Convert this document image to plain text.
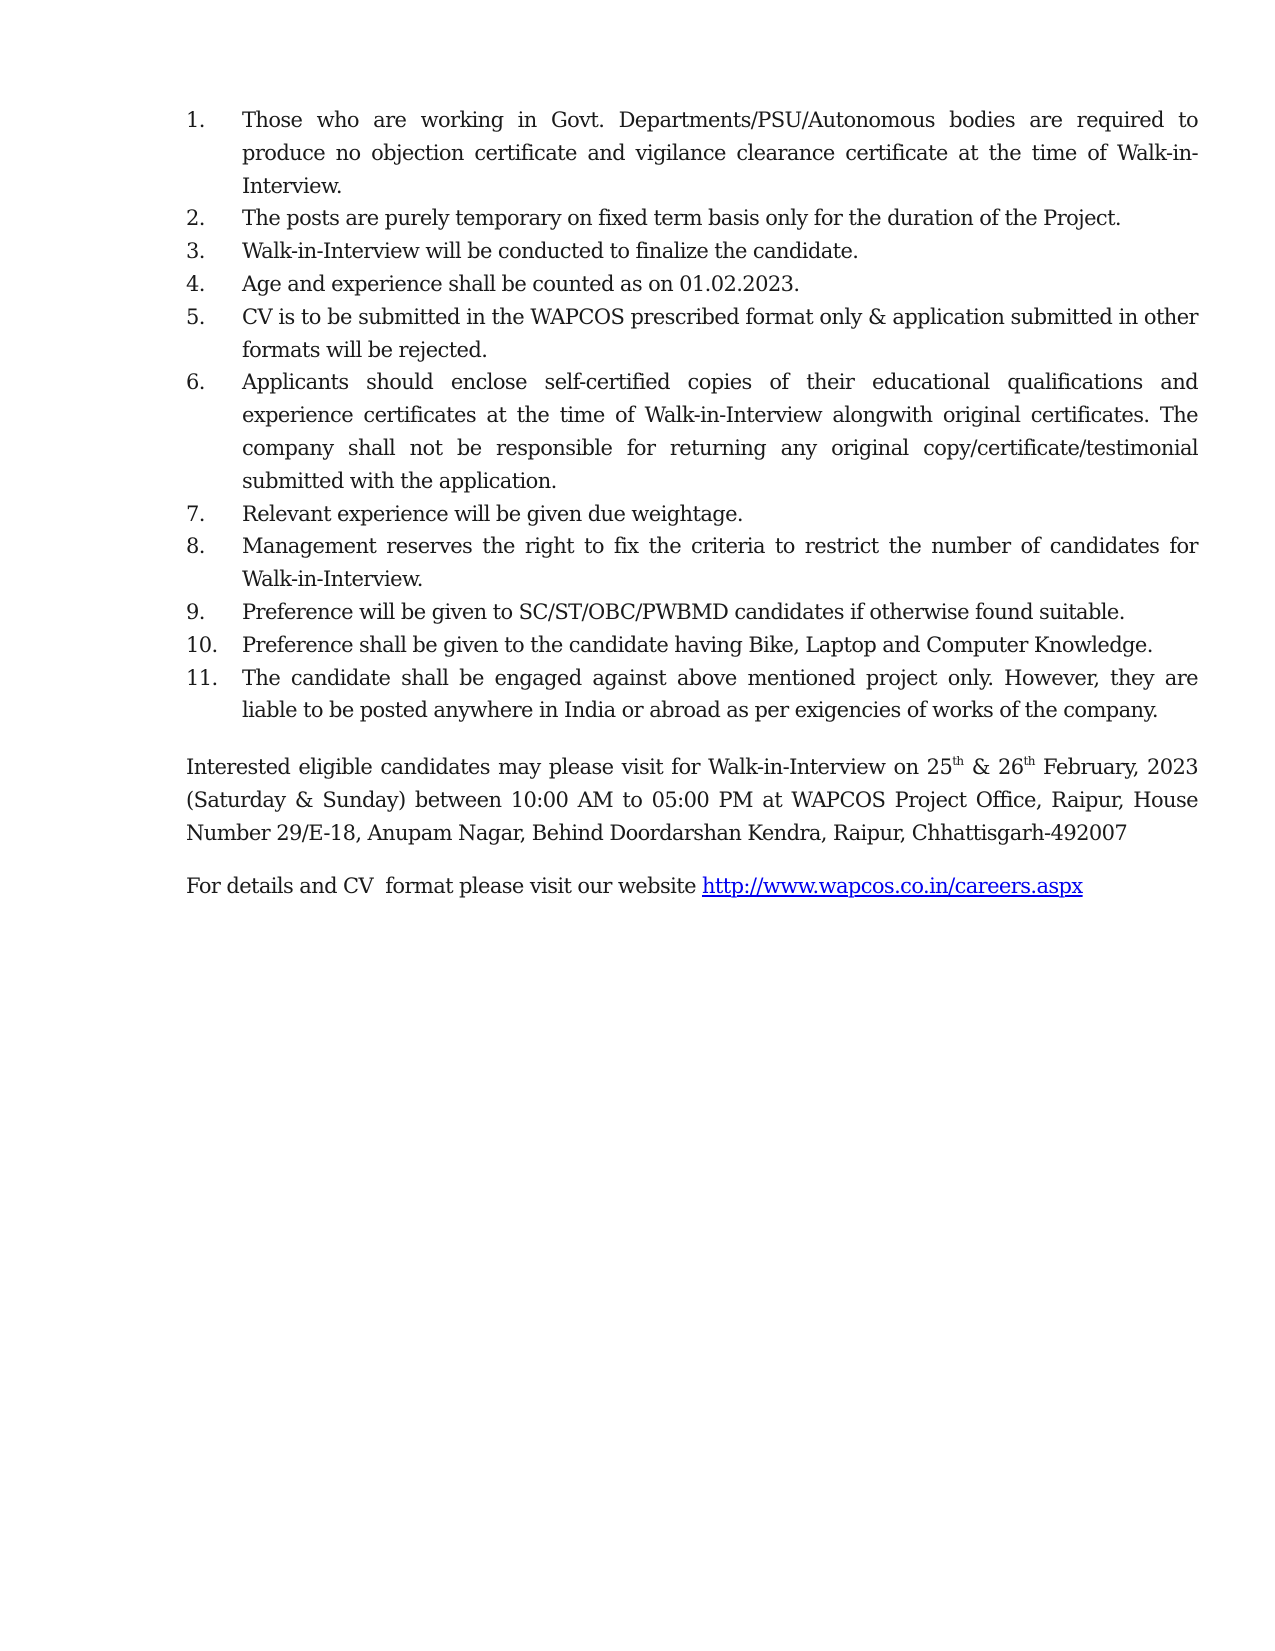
1. Those who are working in Govt. Departments/PSU/Autonomous bodies are required to produce no objection certificate and vigilance clearance certificate at the time of Walk-in-Interview.
2. The posts are purely temporary on fixed term basis only for the duration of the Project.
3. Walk-in-Interview will be conducted to finalize the candidate.
4. Age and experience shall be counted as on 01.02.2023.
5. CV is to be submitted in the WAPCOS prescribed format only & application submitted in other formats will be rejected.
6. Applicants should enclose self-certified copies of their educational qualifications and experience certificates at the time of Walk-in-Interview alongwith original certificates. The company shall not be responsible for returning any original copy/certificate/testimonial submitted with the application.
7. Relevant experience will be given due weightage.
8. Management reserves the right to fix the criteria to restrict the number of candidates for Walk-in-Interview.
9. Preference will be given to SC/ST/OBC/PWBMD candidates if otherwise found suitable.
10. Preference shall be given to the candidate having Bike, Laptop and Computer Knowledge.
11. The candidate shall be engaged against above mentioned project only. However, they are liable to be posted anywhere in India or abroad as per exigencies of works of the company.

Interested eligible candidates may please visit for Walk-in-Interview on 25th & 26th February, 2023 (Saturday & Sunday) between 10:00 AM to 05:00 PM at WAPCOS Project Office, Raipur, House Number 29/E-18, Anupam Nagar, Behind Doordarshan Kendra, Raipur, Chhattisgarh-492007

For details and CV  format please visit our website http://www.wapcos.co.in/careers.aspx
